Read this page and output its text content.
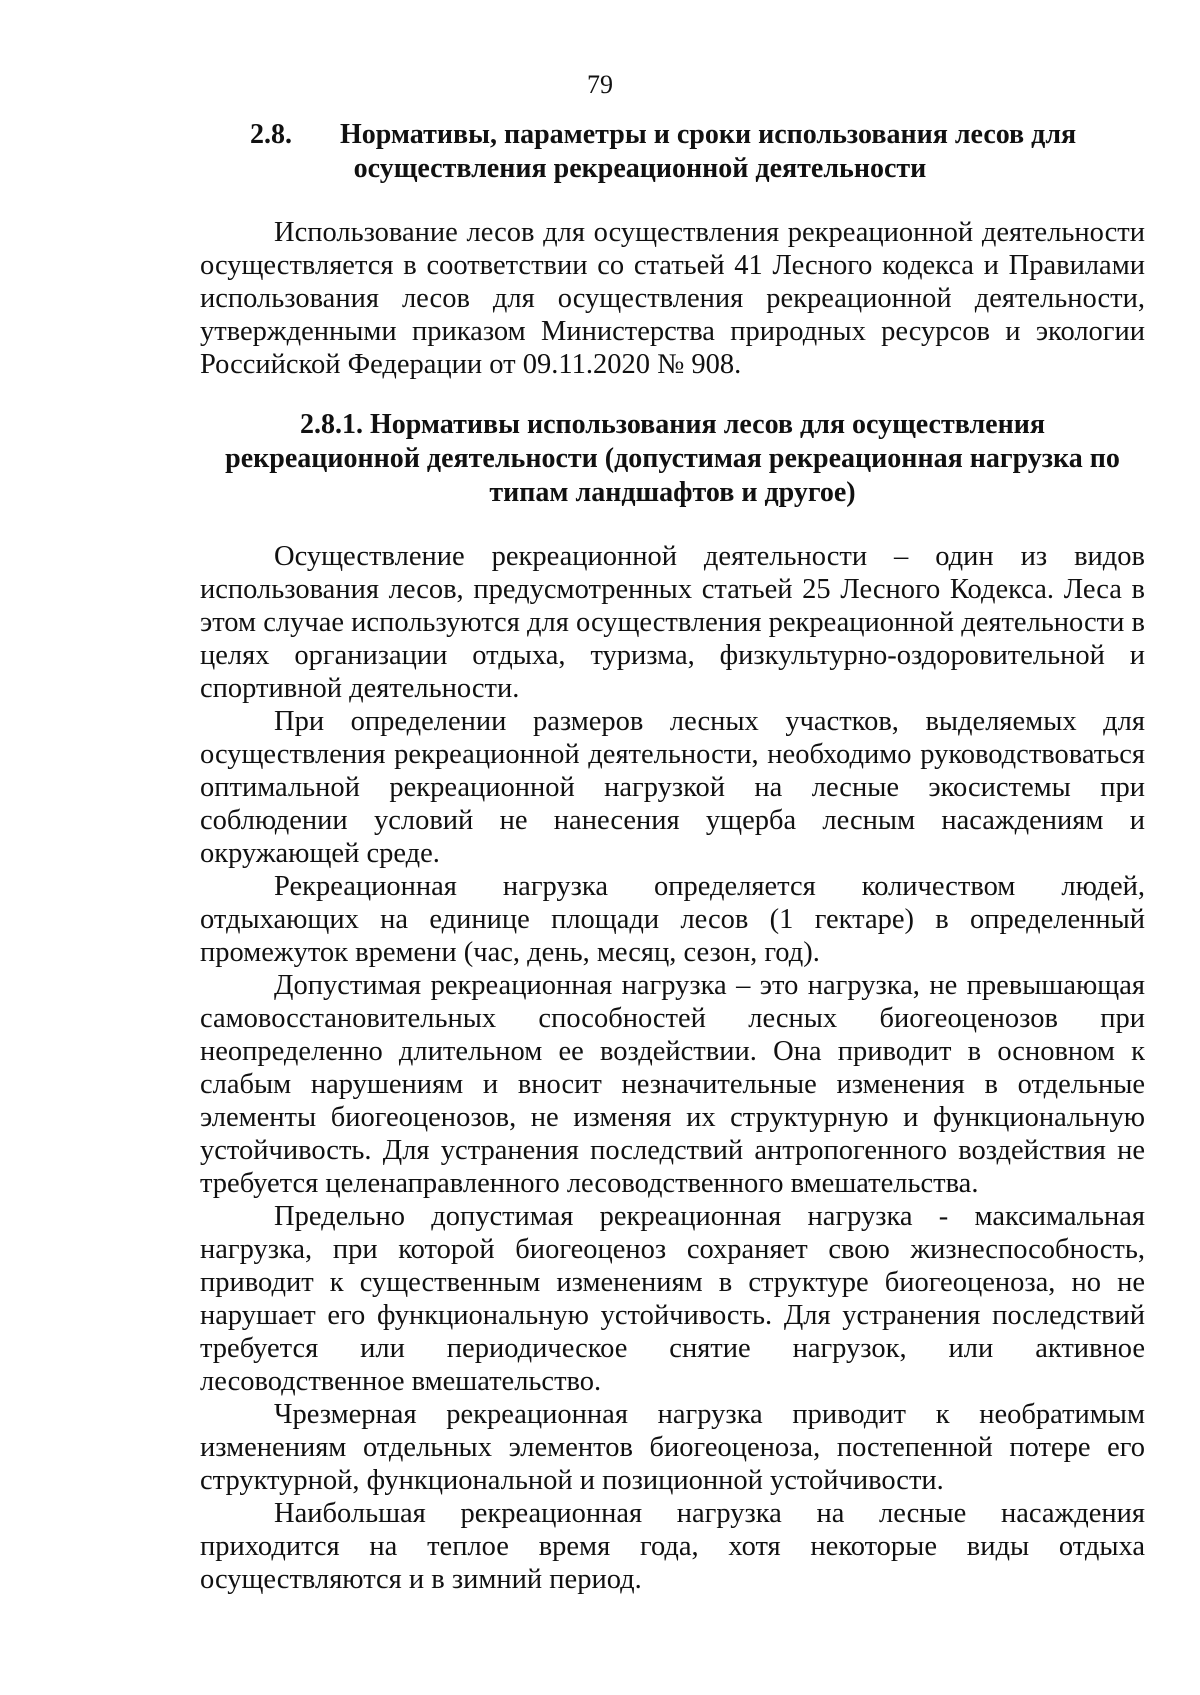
79
2.8.	Нормативы, параметры и сроки использования лесов для
осуществления рекреационной деятельности

Использование лесов для осуществления рекреационной деятельности осуществляется в соответствии со статьей 41 Лесного кодекса и Правилами использования лесов для осуществления рекреационной деятельности, утвержденными приказом Министерства природных ресурсов и экологии Российской Федерации от 09.11.2020 № 908.

2.8.1. Нормативы использования лесов для осуществления рекреационной деятельности (допустимая рекреационная нагрузка по типам ландшафтов и другое)

Осуществление рекреационной деятельности – один из видов использования лесов, предусмотренных статьей 25 Лесного Кодекса. Леса в этом случае используются для осуществления рекреационной деятельности в целях организации отдыха, туризма, физкультурно-оздоровительной и спортивной деятельности.

При определении размеров лесных участков, выделяемых для осуществления рекреационной деятельности, необходимо руководствоваться оптимальной рекреационной нагрузкой на лесные экосистемы при соблюдении условий не нанесения ущерба лесным насаждениям и окружающей среде.

Рекреационная нагрузка определяется количеством людей, отдыхающих на единице площади лесов (1 гектаре) в определенный промежуток времени (час, день, месяц, сезон, год).

Допустимая рекреационная нагрузка – это нагрузка, не превышающая самовосстановительных способностей лесных биогеоценозов при неопределенно длительном ее воздействии. Она приводит в основном к слабым нарушениям и вносит незначительные изменения в отдельные элементы биогеоценозов, не изменяя их структурную и функциональную устойчивость. Для устранения последствий антропогенного воздействия не требуется целенаправленного лесоводственного вмешательства.

Предельно допустимая рекреационная нагрузка - максимальная нагрузка, при которой биогеоценоз сохраняет свою жизнеспособность, приводит к существенным изменениям в структуре биогеоценоза, но не нарушает его функциональную устойчивость. Для устранения последствий требуется или периодическое снятие нагрузок, или активное лесоводственное вмешательство.

Чрезмерная рекреационная нагрузка приводит к необратимым изменениям отдельных элементов биогеоценоза, постепенной потере его структурной, функциональной и позиционной устойчивости.

Наибольшая рекреационная нагрузка на лесные насаждения приходится на теплое время года, хотя некоторые виды отдыха осуществляются и в зимний период.
